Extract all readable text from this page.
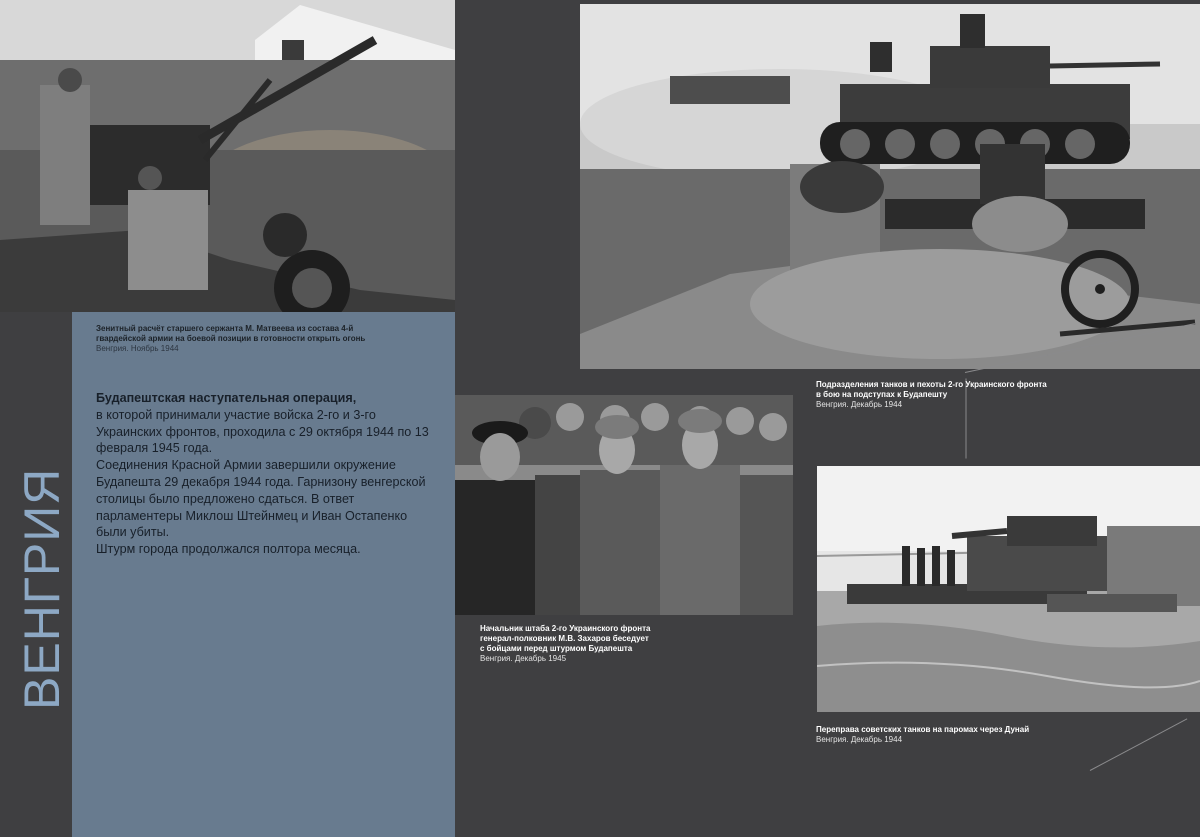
Зенитный расчёт старшего сержанта М. Матвеева из состава 4-й
гвардейской армии на боевой позиции в готовности открыть огонь
Венгрия. Ноябрь 1944
Подразделения танков и пехоты 2-го Украинского фронта
в бою на подступах к Будапешту
Венгрия. Декабрь 1944
Начальник штаба 2-го Украинского фронта
генерал-полковник М.В. Захаров беседует
с бойцами перед штурмом Будапешта
Венгрия. Декабрь 1945
Переправа советских танков на паромах через Дунай
Венгрия. Декабрь 1944
ВЕНГРИЯ

Будапештская наступательная операция,

в которой принимали участие войска 2-го и 3-го Украинских фронтов, проходила с 29 октября 1944 по 13 февраля 1945 года.
Соединения Красной Армии завершили окружение Будапешта 29 декабря 1944 года. Гарнизону венгерской столицы было предложено сдаться. В ответ парламентеры Миклош Штейнмец и Иван Остапенко были убиты.
Штурм города продолжался полтора месяца.
